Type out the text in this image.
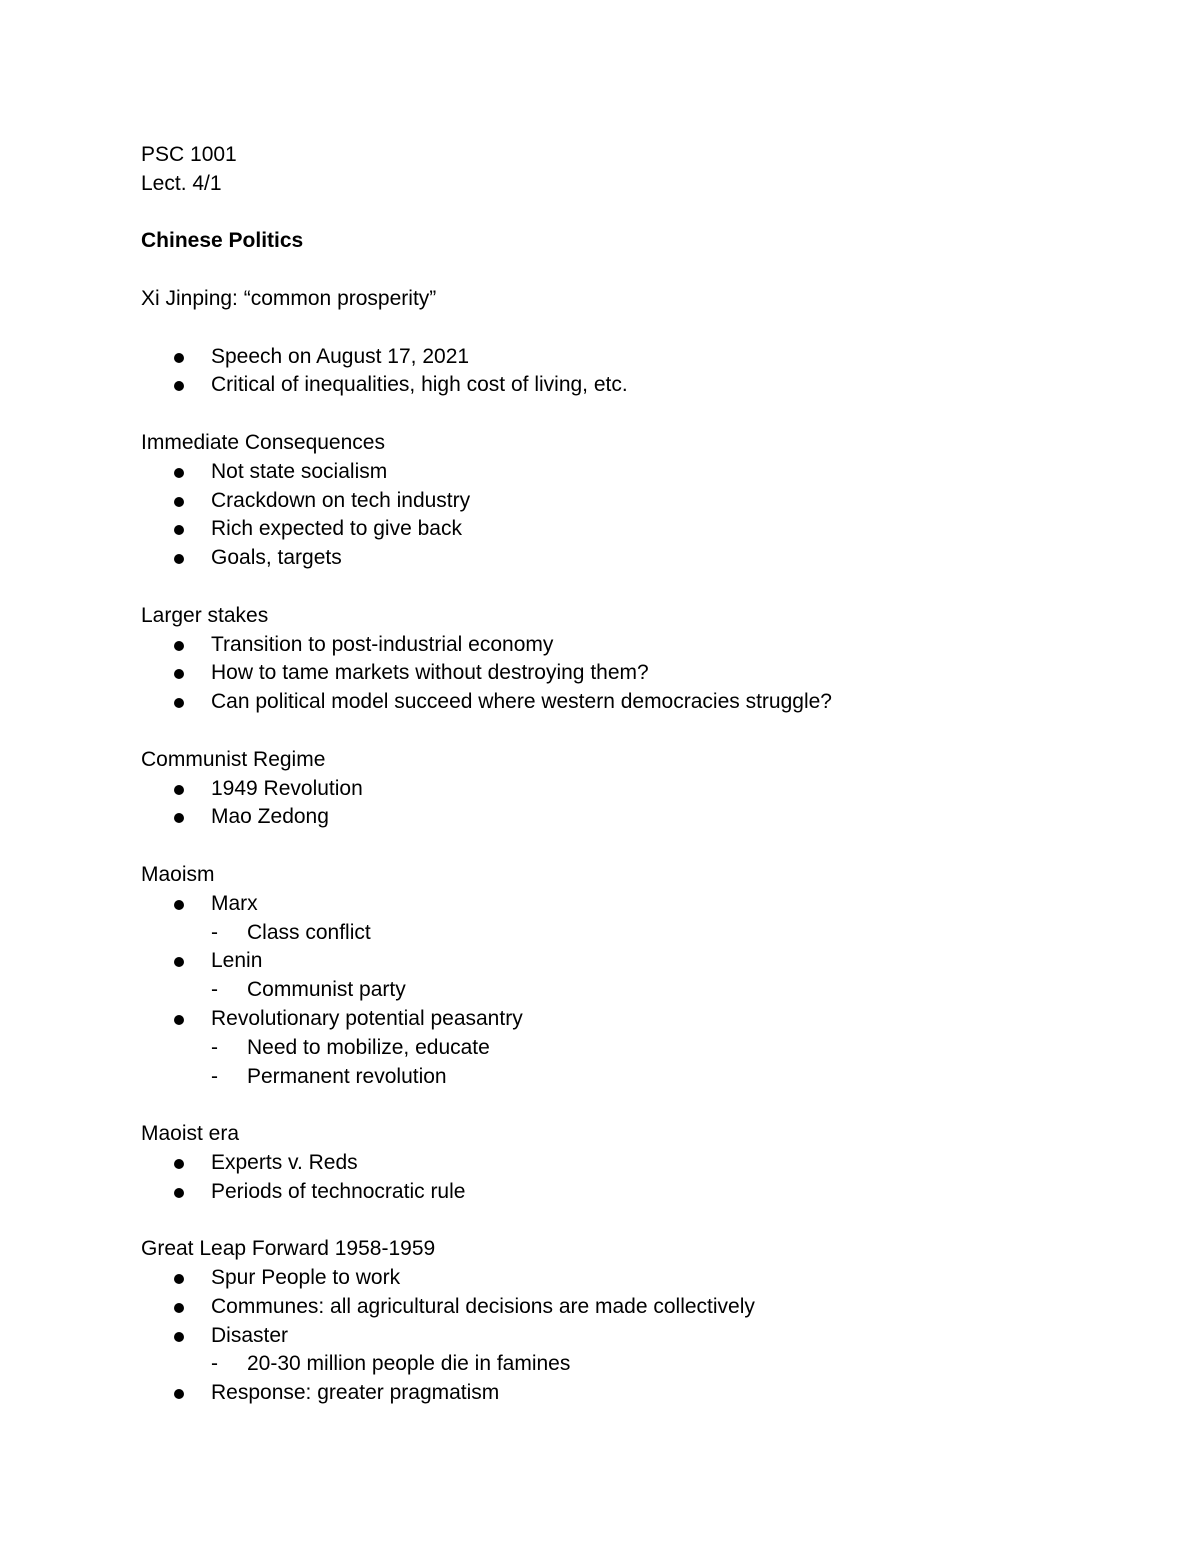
PSC 1001
Lect. 4/1
Chinese Politics
Xi Jinping: “common prosperity”
Speech on August 17, 2021
Critical of inequalities, high cost of living, etc.
Immediate Consequences
Not state socialism
Crackdown on tech industry
Rich expected to give back
Goals, targets
Larger stakes
Transition to post-industrial economy
How to tame markets without destroying them?
Can political model succeed where western democracies struggle?
Communist Regime
1949 Revolution
Mao Zedong
Maoism
Marx
- Class conflict
Lenin
- Communist party
Revolutionary potential peasantry
- Need to mobilize, educate
- Permanent revolution
Maoist era
Experts v. Reds
Periods of technocratic rule
Great Leap Forward 1958-1959
Spur People to work
Communes: all agricultural decisions are made collectively
Disaster
- 20-30 million people die in famines
Response: greater pragmatism
